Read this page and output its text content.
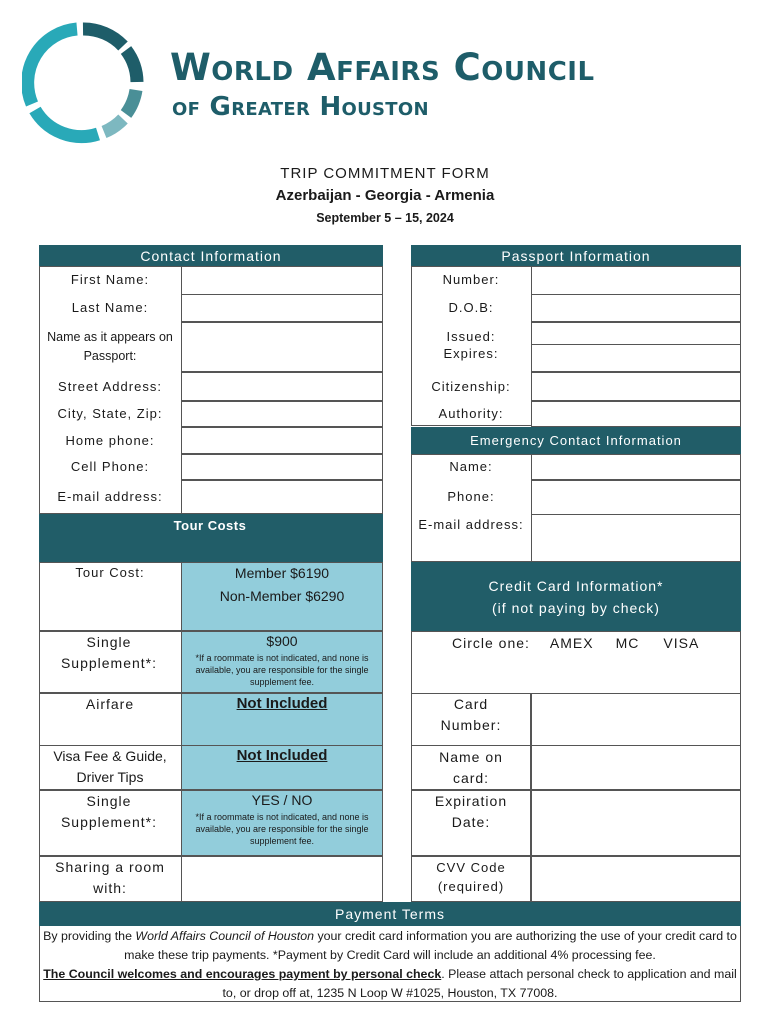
World Affairs Council
of Greater Houston
TRIP COMMITMENT FORM
Azerbaijan - Georgia - Armenia
September 5 – 15, 2024
Contact Information
First Name:
Last Name:
Name as it appears on Passport:
Street Address:
City, State, Zip:
Home phone:
Cell Phone:
E-mail address:
Passport Information
Number:
D.O.B:
Issued:
Expires:
Citizenship:
Authority:
Emergency Contact Information
Name:
Phone:
E-mail address:
Tour Costs
Tour Cost:	Member $6190
Non-Member $6290
Single Supplement*:
$900
*If a roommate is not indicated, and none is available, you are responsible for the single supplement fee.
Airfare	Not Included
Visa Fee & Guide, Driver Tips
Not Included
Single Supplement*:
YES / NO
*If a roommate is not indicated, and none is available, you are responsible for the single supplement fee.
Sharing a room with:
Credit Card Information*
(if not paying by check)
Circle one: AMEX MC VISA
Card Number:
Name on card:
Expiration Date:
CVV Code (required)
Payment Terms
By providing the World Affairs Council of Houston your credit card information you are authorizing the use of your credit card to make these trip payments. *Payment by Credit Card will include an additional 4% processing fee.
The Council welcomes and encourages payment by personal check. Please attach personal check to application and mail to, or drop off at, 1235 N Loop W #1025, Houston, TX 77008.
